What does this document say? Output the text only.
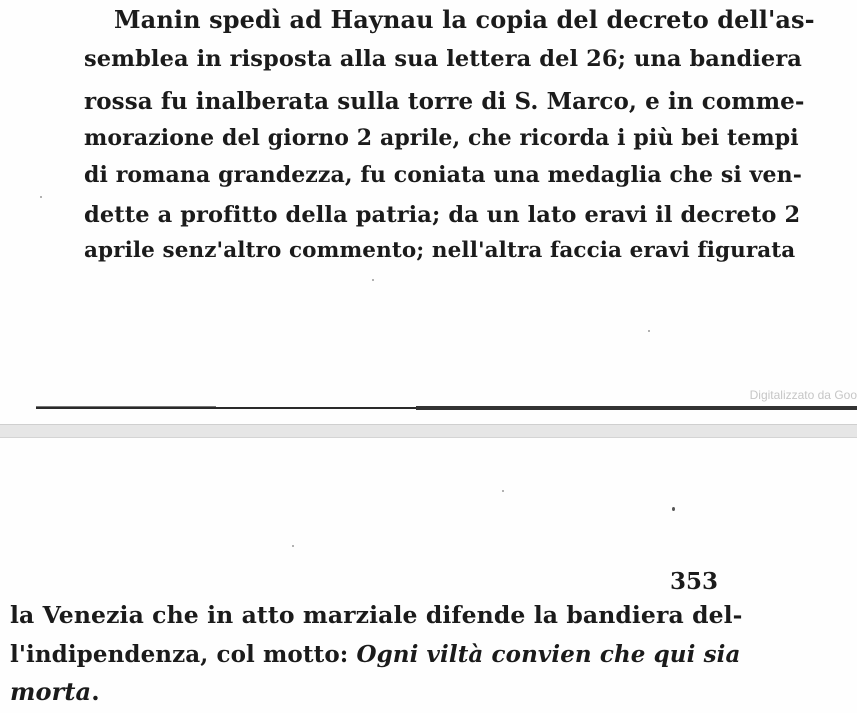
Manin spedì ad Haynau la copia del decreto dell'as-
semblea in risposta alla sua lettera del 26; una bandiera
rossa fu inalberata sulla torre di S. Marco, e in comme-
morazione del giorno 2 aprile, che ricorda i più bei tempi
di romana grandezza, fu coniata una medaglia che si ven-
dette a profitto della patria; da un lato eravi il decreto 2
aprile senz'altro commento; nell'altra faccia eravi figurata
Digitalizzato da Goo
353
la Venezia che in atto marziale difende la bandiera del-
l'indipendenza, col motto: Ogni viltà convien che qui sia
morta.
